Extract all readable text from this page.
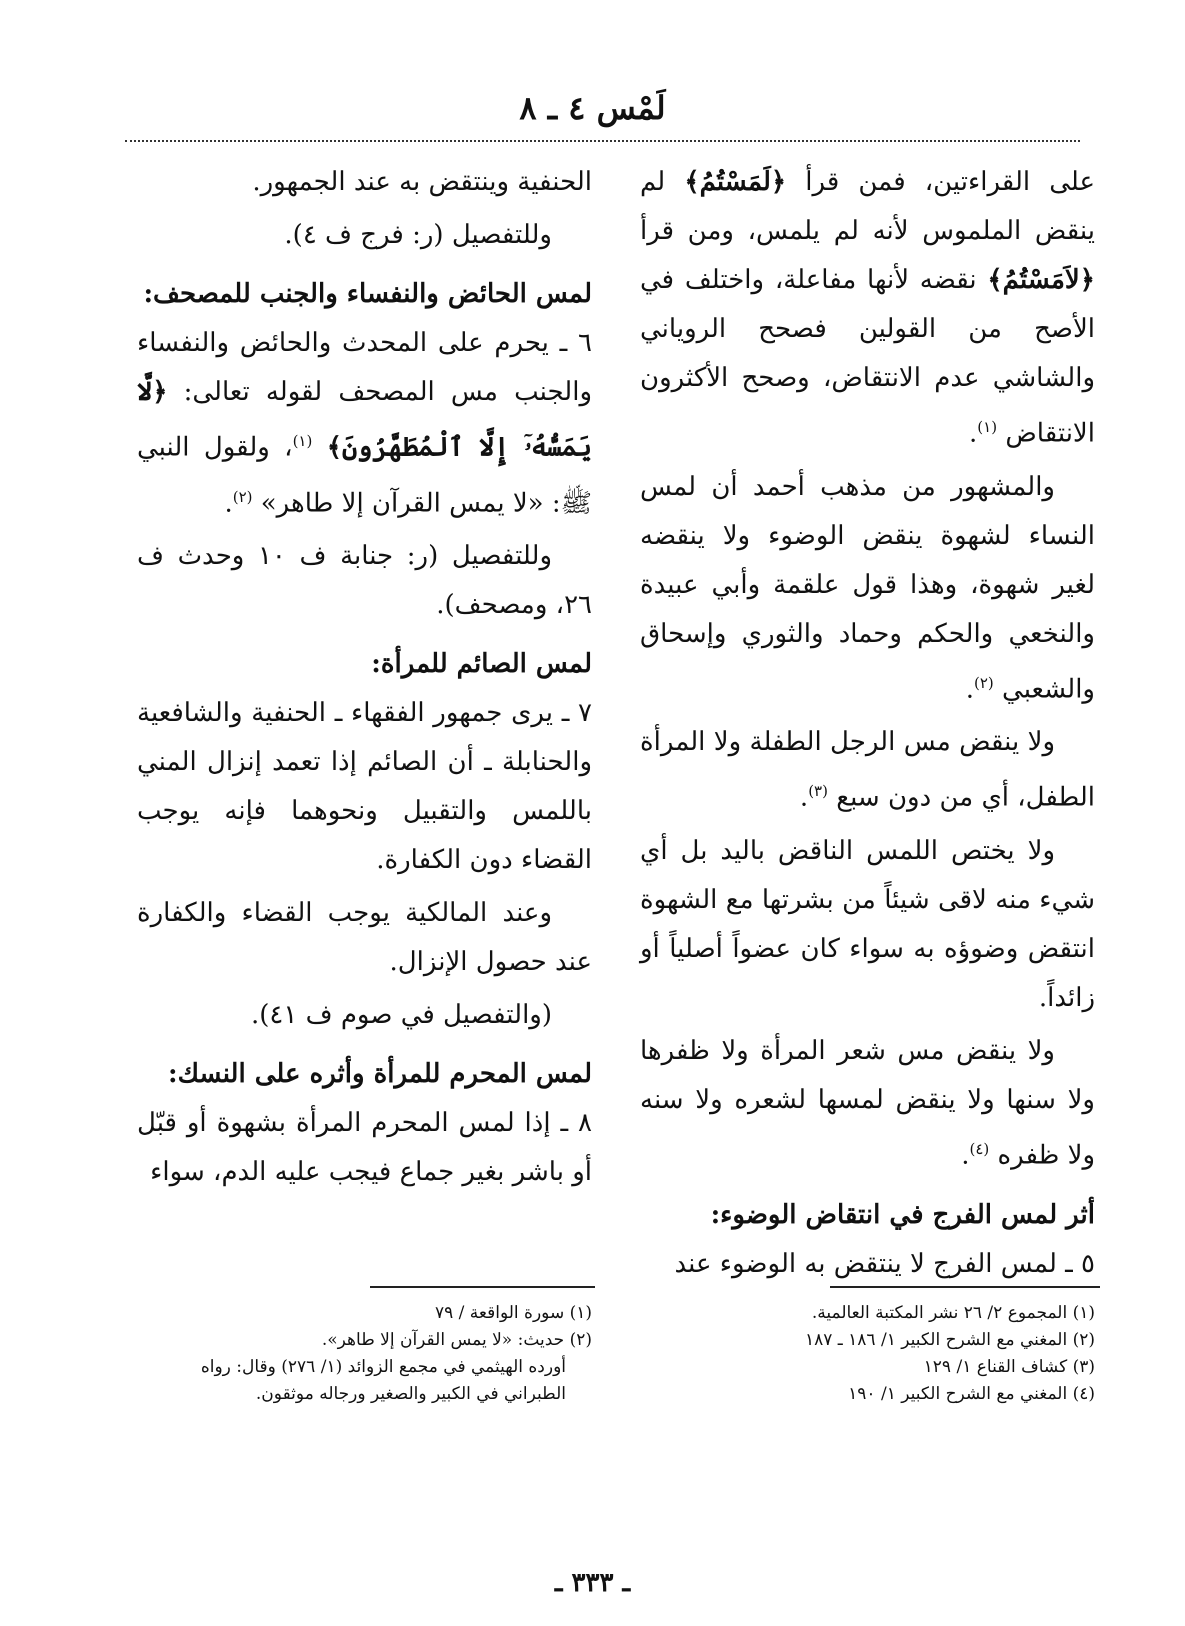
لَمْس ٤ ـ ٨

على القراءتين، فمن قرأ ﴿لَمَسْتُمُ﴾ لم ينقض الملموس لأنه لم يلمس، ومن قرأ ﴿لاَمَسْتُمُ﴾ نقضه لأنها مفاعلة، واختلف في الأصح من القولين فصحح الروياني والشاشي عدم الانتقاض، وصحح الأكثرون الانتقاض $^{(١)}$.

والمشهور من مذهب أحمد أن لمس النساء لشهوة ينقض الوضوء ولا ينقضه لغير شهوة، وهذا قول علقمة وأبي عبيدة والنخعي والحكم وحماد والثوري وإسحاق والشعبي $^{(٢)}$.

ولا ينقض مس الرجل الطفلة ولا المرأة الطفل، أي من دون سبع $^{(٣)}$.

ولا يختص اللمس الناقض باليد بل أي شيء منه لاقى شيئاً من بشرتها مع الشهوة انتقض وضوؤه به سواء كان عضواً أصلياً أو زائداً.

ولا ينقض مس شعر المرأة ولا ظفرها ولا سنها ولا ينقض لمسها لشعره ولا سنه ولا ظفره $^{(٤)}$.

أثر لمس الفرج في انتقاض الوضوء:

٥ ـ لمس الفرج لا ينتقض به الوضوء عند

الحنفية وينتقض به عند الجمهور.

وللتفصيل (ر: فرج ف ٤).

لمس الحائض والنفساء والجنب للمصحف:

٦ ـ يحرم على المحدث والحائض والنفساء والجنب مس المصحف لقوله تعالى: ﴿لَّا يَمَسُّهُۥٓ إِلَّا ٱلْمُطَهَّرُونَ﴾ $^{(١)}$، ولقول النبي ﷺ: «لا يمس القرآن إلا طاهر» $^{(٢)}$.

وللتفصيل (ر: جنابة ف ١٠ وحدث ف ٢٦، ومصحف).

لمس الصائم للمرأة:

٧ ـ يرى جمهور الفقهاء ـ الحنفية والشافعية والحنابلة ـ أن الصائم إذا تعمد إنزال المني باللمس والتقبيل ونحوهما فإنه يوجب القضاء دون الكفارة.

وعند المالكية يوجب القضاء والكفارة عند حصول الإنزال.

(والتفصيل في صوم ف ٤١).

لمس المحرم للمرأة وأثره على النسك:

٨ ـ إذا لمس المحرم المرأة بشهوة أو قبّل أو باشر بغير جماع فيجب عليه الدم، سواء

(١) المجموع ٢/ ٢٦ نشر المكتبة العالمية.
(٢) المغني مع الشرح الكبير ١/ ١٨٦ ـ ١٨٧
(٣) كشاف القناع ١/ ١٢٩
(٤) المغني مع الشرح الكبير ١/ ١٩٠
(١) سورة الواقعة / ٧٩
(٢) حديث: «لا يمس القرآن إلا طاهر».
أورده الهيثمي في مجمع الزوائد (١/ ٢٧٦) وقال: رواه الطبراني في الكبير والصغير ورجاله موثقون.
ـ ٣٣٣ ـ
